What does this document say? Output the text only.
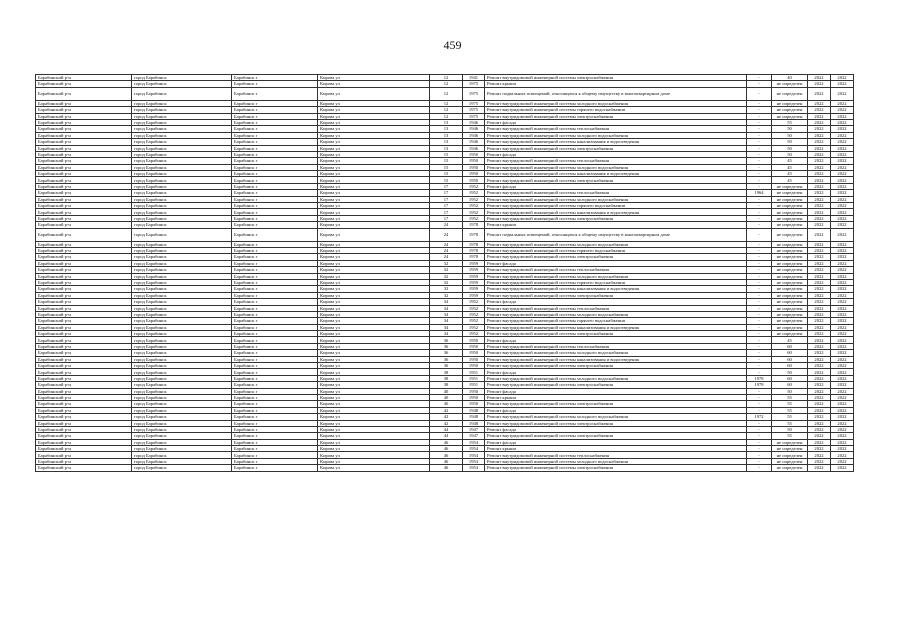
459
Барабинский р-н	город Барабинск	Барабинск г	Кирова ул	12	1941	Ремонт внутридомовой инженерной системы электроснабжения	-	40	2022	2022
Барабинский р-н	город Барабинск	Барабинск г	Кирова ул	12	1975	Ремонт крыши	-	не определен	2022	2022
Барабинский р-н	город Барабинск	Барабинск г	Кирова ул	12	1975	Ремонт подвальных помещений, относящихся к общему имуществу в многоквартирном доме	-	не определен	2022	2022
Барабинский р-н	город Барабинск	Барабинск г	Кирова ул	12	1975	Ремонт внутридомовой инженерной системы холодного водоснабжения	-	не определен	2022	2022
Барабинский р-н	город Барабинск	Барабинск г	Кирова ул	12	1975	Ремонт внутридомовой инженерной системы горячего водоснабжения	-	не определен	2022	2022
Барабинский р-н	город Барабинск	Барабинск г	Кирова ул	12	1975	Ремонт внутридомовой инженерной системы электроснабжения	-	не определен	2022	2022
Барабинский р-н	город Барабинск	Барабинск г	Кирова ул	13	1946	Ремонт фасада	-	55	2022	2022
Барабинский р-н	город Барабинск	Барабинск г	Кирова ул	13	1946	Ремонт внутридомовой инженерной системы теплоснабжения	-	50	2022	2022
Барабинский р-н	город Барабинск	Барабинск г	Кирова ул	13	1946	Ремонт внутридомовой инженерной системы холодного водоснабжения	-	50	2022	2022
Барабинский р-н	город Барабинск	Барабинск г	Кирова ул	13	1946	Ремонт внутридомовой инженерной системы канализования и водоотведения	-	50	2022	2022
Барабинский р-н	город Барабинск	Барабинск г	Кирова ул	13	1946	Ремонт внутридомовой инженерной системы электроснабжения	-	50	2022	2022
Барабинский р-н	город Барабинск	Барабинск г	Кирова ул	15	1950	Ремонт фасада	-	50	2022	2022
Барабинский р-н	город Барабинск	Барабинск г	Кирова ул	15	1950	Ремонт внутридомовой инженерной системы теплоснабжения	-	45	2022	2022
Барабинский р-н	город Барабинск	Барабинск г	Кирова ул	15	1950	Ремонт внутридомовой инженерной системы холодного водоснабжения	-	45	2022	2022
Барабинский р-н	город Барабинск	Барабинск г	Кирова ул	15	1950	Ремонт внутридомовой инженерной системы канализования и водоотведения	-	45	2022	2022
Барабинский р-н	город Барабинск	Барабинск г	Кирова ул	15	1950	Ремонт внутридомовой инженерной системы электроснабжения	-	45	2022	2022
Барабинский р-н	город Барабинск	Барабинск г	Кирова ул	17	1952	Ремонт фасада	-	не определен	2022	2022
Барабинский р-н	город Барабинск	Барабинск г	Кирова ул	17	1952	Ремонт внутридомовой инженерной системы теплоснабжения	1964	не определен	2022	2022
Барабинский р-н	город Барабинск	Барабинск г	Кирова ул	17	1952	Ремонт внутридомовой инженерной системы холодного водоснабжения	-	не определен	2022	2022
Барабинский р-н	город Барабинск	Барабинск г	Кирова ул	17	1952	Ремонт внутридомовой инженерной системы горячего водоснабжения	-	не определен	2022	2022
Барабинский р-н	город Барабинск	Барабинск г	Кирова ул	17	1952	Ремонт внутридомовой инженерной системы канализования и водоотведения	-	не определен	2022	2022
Барабинский р-н	город Барабинск	Барабинск г	Кирова ул	17	1952	Ремонт внутридомовой инженерной системы электроснабжения	-	не определен	2022	2022
Барабинский р-н	город Барабинск	Барабинск г	Кирова ул	24	1978	Ремонт крыши	-	не определен	2022	2022
Барабинский р-н	город Барабинск	Барабинск г	Кирова ул	24	1978	Ремонт подвальных помещений, относящихся к общему имуществу в многоквартирном доме	-	не определен	2022	2022
Барабинский р-н	город Барабинск	Барабинск г	Кирова ул	24	1978	Ремонт внутридомовой инженерной системы холодного водоснабжения	-	не определен	2022	2022
Барабинский р-н	город Барабинск	Барабинск г	Кирова ул	24	1978	Ремонт внутридомовой инженерной системы горячего водоснабжения	-	не определен	2022	2022
Барабинский р-н	город Барабинск	Барабинск г	Кирова ул	24	1978	Ремонт внутридомовой инженерной системы электроснабжения	-	не определен	2022	2022
Барабинский р-н	город Барабинск	Барабинск г	Кирова ул	32	1959	Ремонт фасада	-	не определен	2022	2022
Барабинский р-н	город Барабинск	Барабинск г	Кирова ул	32	1959	Ремонт внутридомовой инженерной системы теплоснабжения	-	не определен	2022	2022
Барабинский р-н	город Барабинск	Барабинск г	Кирова ул	32	1959	Ремонт внутридомовой инженерной системы холодного водоснабжения	-	не определен	2022	2022
Барабинский р-н	город Барабинск	Барабинск г	Кирова ул	32	1959	Ремонт внутридомовой инженерной системы горячего водоснабжения	-	не определен	2022	2022
Барабинский р-н	город Барабинск	Барабинск г	Кирова ул	32	1959	Ремонт внутридомовой инженерной системы канализования и водоотведения	-	не определен	2022	2022
Барабинский р-н	город Барабинск	Барабинск г	Кирова ул	32	1959	Ремонт внутридомовой инженерной системы электроснабжения	-	не определен	2022	2022
Барабинский р-н	город Барабинск	Барабинск г	Кирова ул	34	1952	Ремонт фасада	-	не определен	2022	2022
Барабинский р-н	город Барабинск	Барабинск г	Кирова ул	34	1952	Ремонт внутридомовой инженерной системы теплоснабжения	-	не определен	2022	2022
Барабинский р-н	город Барабинск	Барабинск г	Кирова ул	34	1952	Ремонт внутридомовой инженерной системы холодного водоснабжения	-	не определен	2022	2022
Барабинский р-н	город Барабинск	Барабинск г	Кирова ул	34	1952	Ремонт внутридомовой инженерной системы горячего водоснабжения	-	не определен	2022	2022
Барабинский р-н	город Барабинск	Барабинск г	Кирова ул	34	1952	Ремонт внутридомовой инженерной системы канализования и водоотведения	-	не определен	2022	2022
Барабинский р-н	город Барабинск	Барабинск г	Кирова ул	34	1952	Ремонт внутридомовой инженерной системы электроснабжения	-	не определен	2022	2022
Барабинский р-н	город Барабинск	Барабинск г	Кирова ул	36	1950	Ремонт фасада	-	45	2022	2022
Барабинский р-н	город Барабинск	Барабинск г	Кирова ул	36	1950	Ремонт внутридомовой инженерной системы теплоснабжения	-	60	2022	2022
Барабинский р-н	город Барабинск	Барабинск г	Кирова ул	36	1950	Ремонт внутридомовой инженерной системы холодного водоснабжения	-	60	2022	2022
Барабинский р-н	город Барабинск	Барабинск г	Кирова ул	36	1950	Ремонт внутридомовой инженерной системы канализования и водоотведения	-	60	2022	2022
Барабинский р-н	город Барабинск	Барабинск г	Кирова ул	36	1950	Ремонт внутридомовой инженерной системы электроснабжения	-	60	2022	2022
Барабинский р-н	город Барабинск	Барабинск г	Кирова ул	38	1951	Ремонт фасада	-	50	2022	2022
Барабинский р-н	город Барабинск	Барабинск г	Кирова ул	38	1951	Ремонт внутридомовой инженерной системы холодного водоснабжения	1978	60	2022	2022
Барабинский р-н	город Барабинск	Барабинск г	Кирова ул	38	1951	Ремонт внутридомовой инженерной системы электроснабжения	1978	60	2022	2022
Барабинский р-н	город Барабинск	Барабинск г	Кирова ул	40	1950	Ремонт фасада	-	50	2022	2022
Барабинский р-н	город Барабинск	Барабинск г	Кирова ул	40	1950	Ремонт крыши	-	55	2022	2022
Барабинский р-н	город Барабинск	Барабинск г	Кирова ул	40	1950	Ремонт внутридомовой инженерной системы электроснабжения	-	55	2022	2022
Барабинский р-н	город Барабинск	Барабинск г	Кирова ул	42	1948	Ремонт фасада	-	55	2022	2022
Барабинский р-н	город Барабинск	Барабинск г	Кирова ул	42	1948	Ремонт внутридомовой инженерной системы холодного водоснабжения	1972	55	2022	2022
Барабинский р-н	город Барабинск	Барабинск г	Кирова ул	42	1948	Ремонт внутридомовой инженерной системы электроснабжения	-	55	2022	2022
Барабинский р-н	город Барабинск	Барабинск г	Кирова ул	44	1947	Ремонт фасада	-	50	2022	2022
Барабинский р-н	город Барабинск	Барабинск г	Кирова ул	44	1947	Ремонт внутридомовой инженерной системы электроснабжения	-	55	2022	2022
Барабинский р-н	город Барабинск	Барабинск г	Кирова ул	46	1954	Ремонт фасада	-	не определен	2022	2022
Барабинский р-н	город Барабинск	Барабинск г	Кирова ул	46	1954	Ремонт крыши	-	не определен	2022	2022
Барабинский р-н	город Барабинск	Барабинск г	Кирова ул	46	1954	Ремонт внутридомовой инженерной системы теплоснабжения	-	не определен	2022	2022
Барабинский р-н	город Барабинск	Барабинск г	Кирова ул	46	1954	Ремонт внутридомовой инженерной системы холодного водоснабжения	-	не определен	2022	2022
Барабинский р-н	город Барабинск	Барабинск г	Кирова ул	46	1954	Ремонт внутридомовой инженерной системы электроснабжения	-	не определен	2022	2022
